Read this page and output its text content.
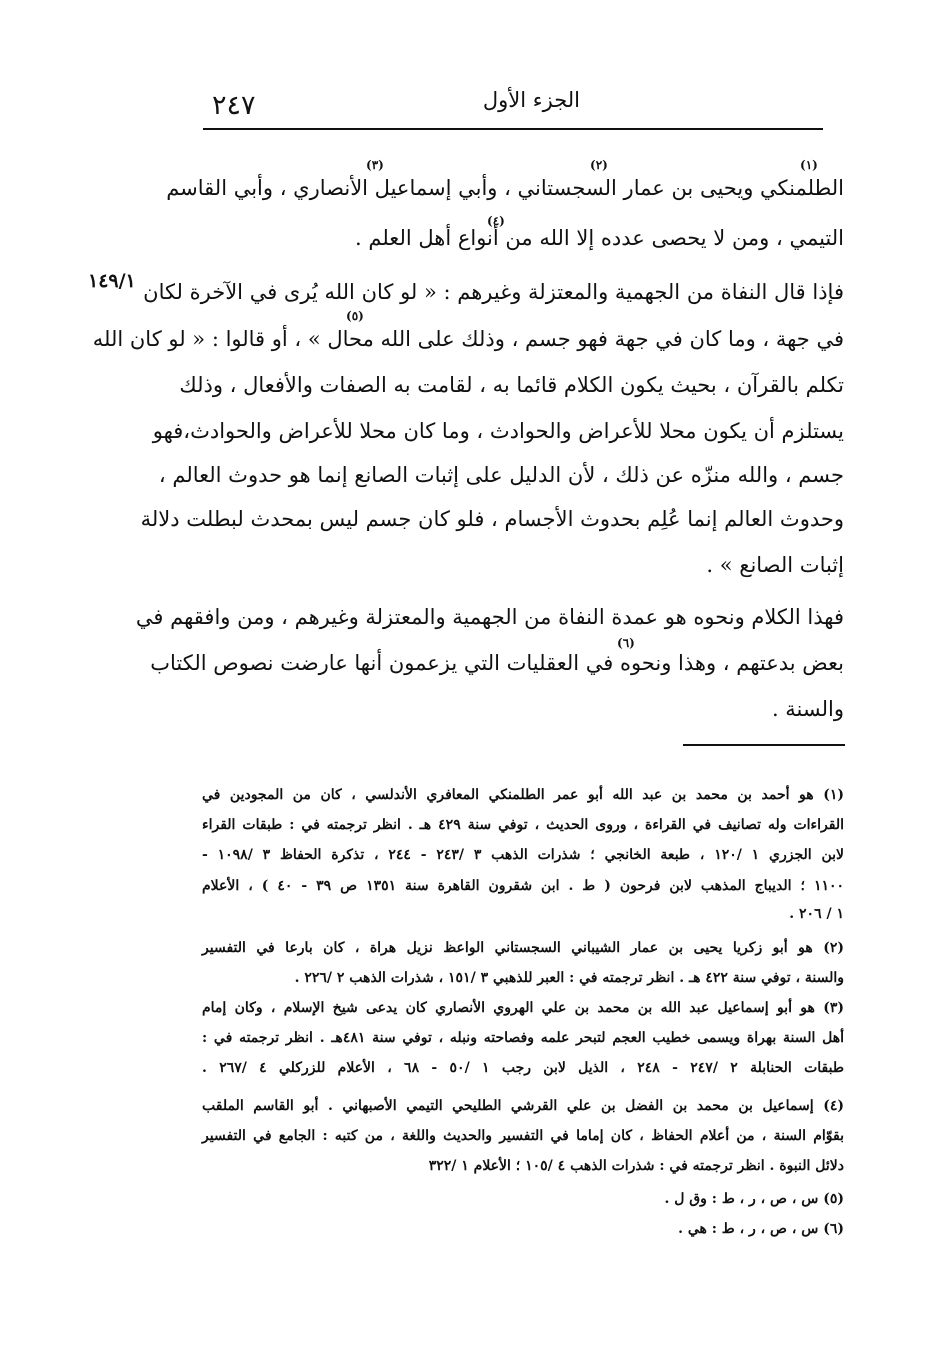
٢٤٧	الجزء الأول
١٤٩/١
(١)
(٢)
(٣)
(٤)
(٥)
(٦)
الطلمنكي ويحيى بن عمار السجستاني ، وأبي إسماعيل الأنصاري ، وأبي القاسم
التيمي ، ومن لا يحصى عدده إلا الله من أنواع أهل العلم .
فإذا قال النفاة من الجهمية والمعتزلة وغيرهم : « لو كان الله يُرى في الآخرة لكان
في جهة ، وما كان في جهة فهو جسم ، وذلك على الله محال » ، أو قالوا : « لو كان الله
تكلم بالقرآن ، بحيث يكون الكلام قائما به ، لقامت به الصفات والأفعال ، وذلك
يستلزم أن يكون محلا للأعراض والحوادث ، وما كان محلا للأعراض والحوادث،فهو
جسم ، والله منزّه عن ذلك ، لأن الدليل على إثبات الصانع إنما هو حدوث العالم ،
وحدوث العالم إنما عُلِم بحدوث الأجسام ، فلو كان جسم ليس بمحدث لبطلت دلالة
إثبات الصانع » .
فهذا الكلام ونحوه هو عمدة النفاة من الجهمية والمعتزلة وغيرهم ، ومن وافقهم في
بعض بدعتهم ، وهذا ونحوه في العقليات التي يزعمون أنها عارضت نصوص الكتاب
والسنة .
(١) هو أحمد بن محمد بن عبد الله أبو عمر الطلمنكي المعافري الأندلسي ، كان من المجودين في
القراءات وله تصانيف في القراءة ، وروى الحديث ، توفي سنة ٤٢٩ هـ . انظر ترجمته في : طبقات القراء
لابن الجزري ١ /١٢٠ ، طبعة الخانجي ؛ شذرات الذهب ٣ /٢٤٣ - ٢٤٤ ، تذكرة الحفاظ ٣ /١٠٩٨ -
١١٠٠ ؛ الديباج المذهب لابن فرحون ( ط . ابن شقرون القاهرة سنة ١٣٥١ ص ٣٩ - ٤٠ ) ، الأعلام
١ / ٢٠٦ .
(٢) هو أبو زكريا يحيى بن عمار الشيباني السجستاني الواعظ نزيل هراة ، كان بارعا في التفسير
والسنة ، توفي سنة ٤٢٢ هـ . انظر ترجمته في : العبر للذهبي ٣ /١٥١ ، شذرات الذهب ٢ /٢٢٦ .
(٣) هو أبو إسماعيل عبد الله بن محمد بن علي الهروي الأنصاري كان يدعى شيخ الإسلام ، وكان إمام
أهل السنة بهراة ويسمى خطيب العجم لتبحر علمه وفصاحته ونبله ، توفي سنة ٤٨١هـ . انظر ترجمته في :
طبقات الحنابلة ٢ /٢٤٧ - ٢٤٨ ، الذيل لابن رجب ١ /٥٠ - ٦٨ ، الأعلام للزركلي ٤ /٢٦٧ .
(٤) إسماعيل بن محمد بن الفضل بن علي القرشي الطليحي التيمي الأصبهاني . أبو القاسم الملقب
بقوّام السنة ، من أعلام الحفاظ ، كان إماما في التفسير والحديث واللغة ، من كتبه : الجامع في التفسير
دلائل النبوة . انظر ترجمته في : شذرات الذهب ٤ /١٠٥ ؛ الأعلام ١ /٣٢٢
(٥) س ، ص ، ر ، ط : وق ل .
(٦) س ، ص ، ر ، ط : هي .
